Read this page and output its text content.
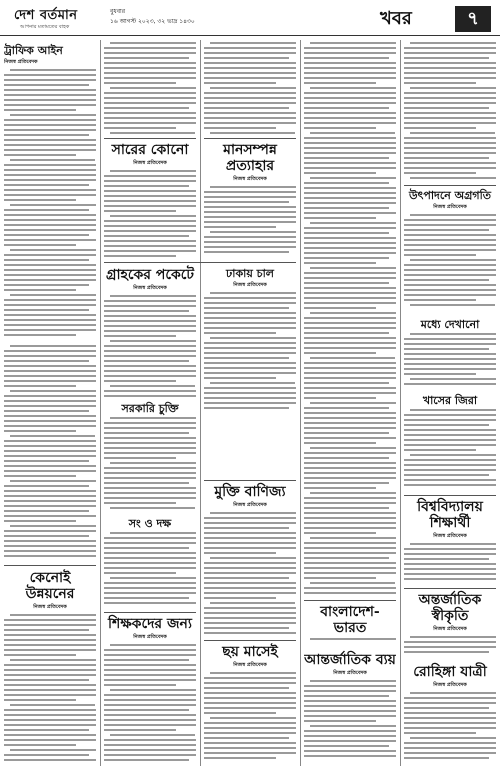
দেশ বর্তমান
আপনার মতামতের বাহক
বুধবার
১৬ আগস্ট ২০২৩, ৩২ ভাদ্র ১৪৩০	খবর	৭
ট্রাফিক আইন
নিজস্ব প্রতিবেদক
কেনোই উন্নয়নের
নিজস্ব প্রতিবেদক
সারের কোনো
নিজস্ব প্রতিবেদক
গ্রাহকের পকেটে
নিজস্ব প্রতিবেদক
সরকারি চুক্তি
সং ও দক্ষ
শিক্ষকদের জন্য
নিজস্ব প্রতিবেদক
মানসম্পন্ন প্রত্যাহার
নিজস্ব প্রতিবেদক
ঢাকায় চাল
নিজস্ব প্রতিবেদক
মুক্তি বাণিজ্য
নিজস্ব প্রতিবেদক
ছয় মাসেই
নিজস্ব প্রতিবেদক
বাংলাদেশ-ভারত
আন্তর্জাতিক ব্যয়
নিজস্ব প্রতিবেদক
উৎপাদনে অগ্রগতি
নিজস্ব প্রতিবেদক
মধ্যে দেখানো
খাসের জিরা
বিশ্ববিদ্যালয় শিক্ষার্থী
নিজস্ব প্রতিবেদক
অন্তর্জাতিক স্বীকৃতি
নিজস্ব প্রতিবেদক
রোহিঙ্গা যাত্রী
নিজস্ব প্রতিবেদক
